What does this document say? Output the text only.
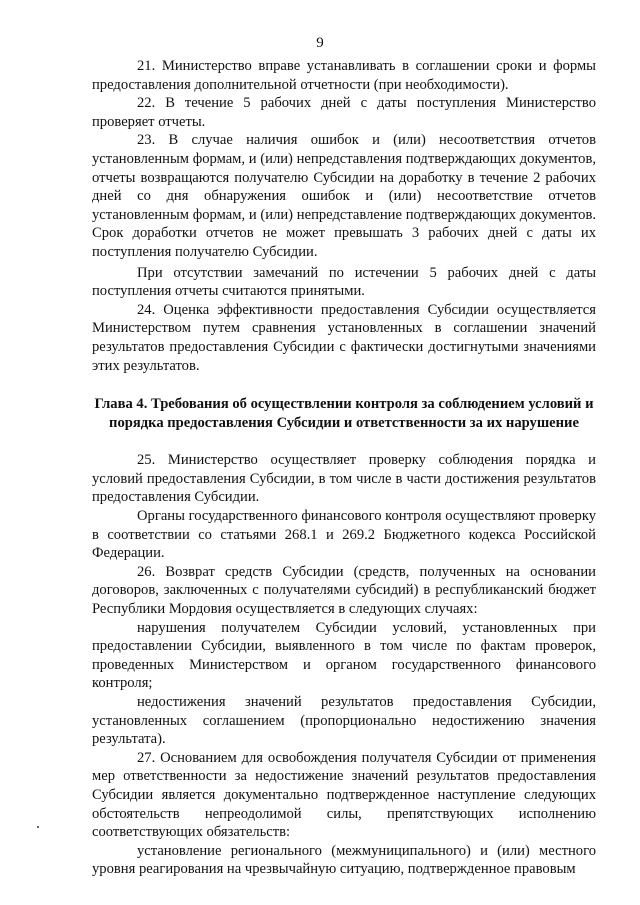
9

21. Министерство вправе устанавливать в соглашении сроки и формы предоставления дополнительной отчетности (при необходимости).

22. В течение 5 рабочих дней с даты поступления Министерство проверяет отчеты.

23. В случае наличия ошибок и (или) несоответствия отчетов установленным формам, и (или) непредставления подтверждающих документов, отчеты возвращаются получателю Субсидии на доработку в течение 2 рабочих дней со дня обнаружения ошибок и (или) несоответствие отчетов установленным формам, и (или) непредставление подтверждающих документов. Срок доработки отчетов не может превышать 3 рабочих дней с даты их поступления получателю Субсидии.

При отсутствии замечаний по истечении 5 рабочих дней с даты поступления отчеты считаются принятыми.

24. Оценка эффективности предоставления Субсидии осуществляется Министерством путем сравнения установленных в соглашении значений результатов предоставления Субсидии с фактически достигнутыми значениями этих результатов.

Глава 4. Требования об осуществлении контроля за соблюдением условий и порядка предоставления Субсидии и ответственности за их нарушение

25. Министерство осуществляет проверку соблюдения порядка и условий предоставления Субсидии, в том числе в части достижения результатов предоставления Субсидии.

Органы государственного финансового контроля осуществляют проверку в соответствии со статьями 268.1 и 269.2 Бюджетного кодекса Российской Федерации.

26. Возврат средств Субсидии (средств, полученных на основании договоров, заключенных с получателями субсидий) в республиканский бюджет Республики Мордовия осуществляется в следующих случаях:

нарушения получателем Субсидии условий, установленных при предоставлении Субсидии, выявленного в том числе по фактам проверок, проведенных Министерством и органом государственного финансового контроля;

недостижения значений результатов предоставления Субсидии, установленных соглашением (пропорционально недостижению значения результата).

27. Основанием для освобождения получателя Субсидии от применения мер ответственности за недостижение значений результатов предоставления Субсидии является документально подтвержденное наступление следующих обстоятельств непреодолимой силы, препятствующих исполнению соответствующих обязательств:

установление регионального (межмуниципального) и (или) местного уровня реагирования на чрезвычайную ситуацию, подтвержденное правовым
